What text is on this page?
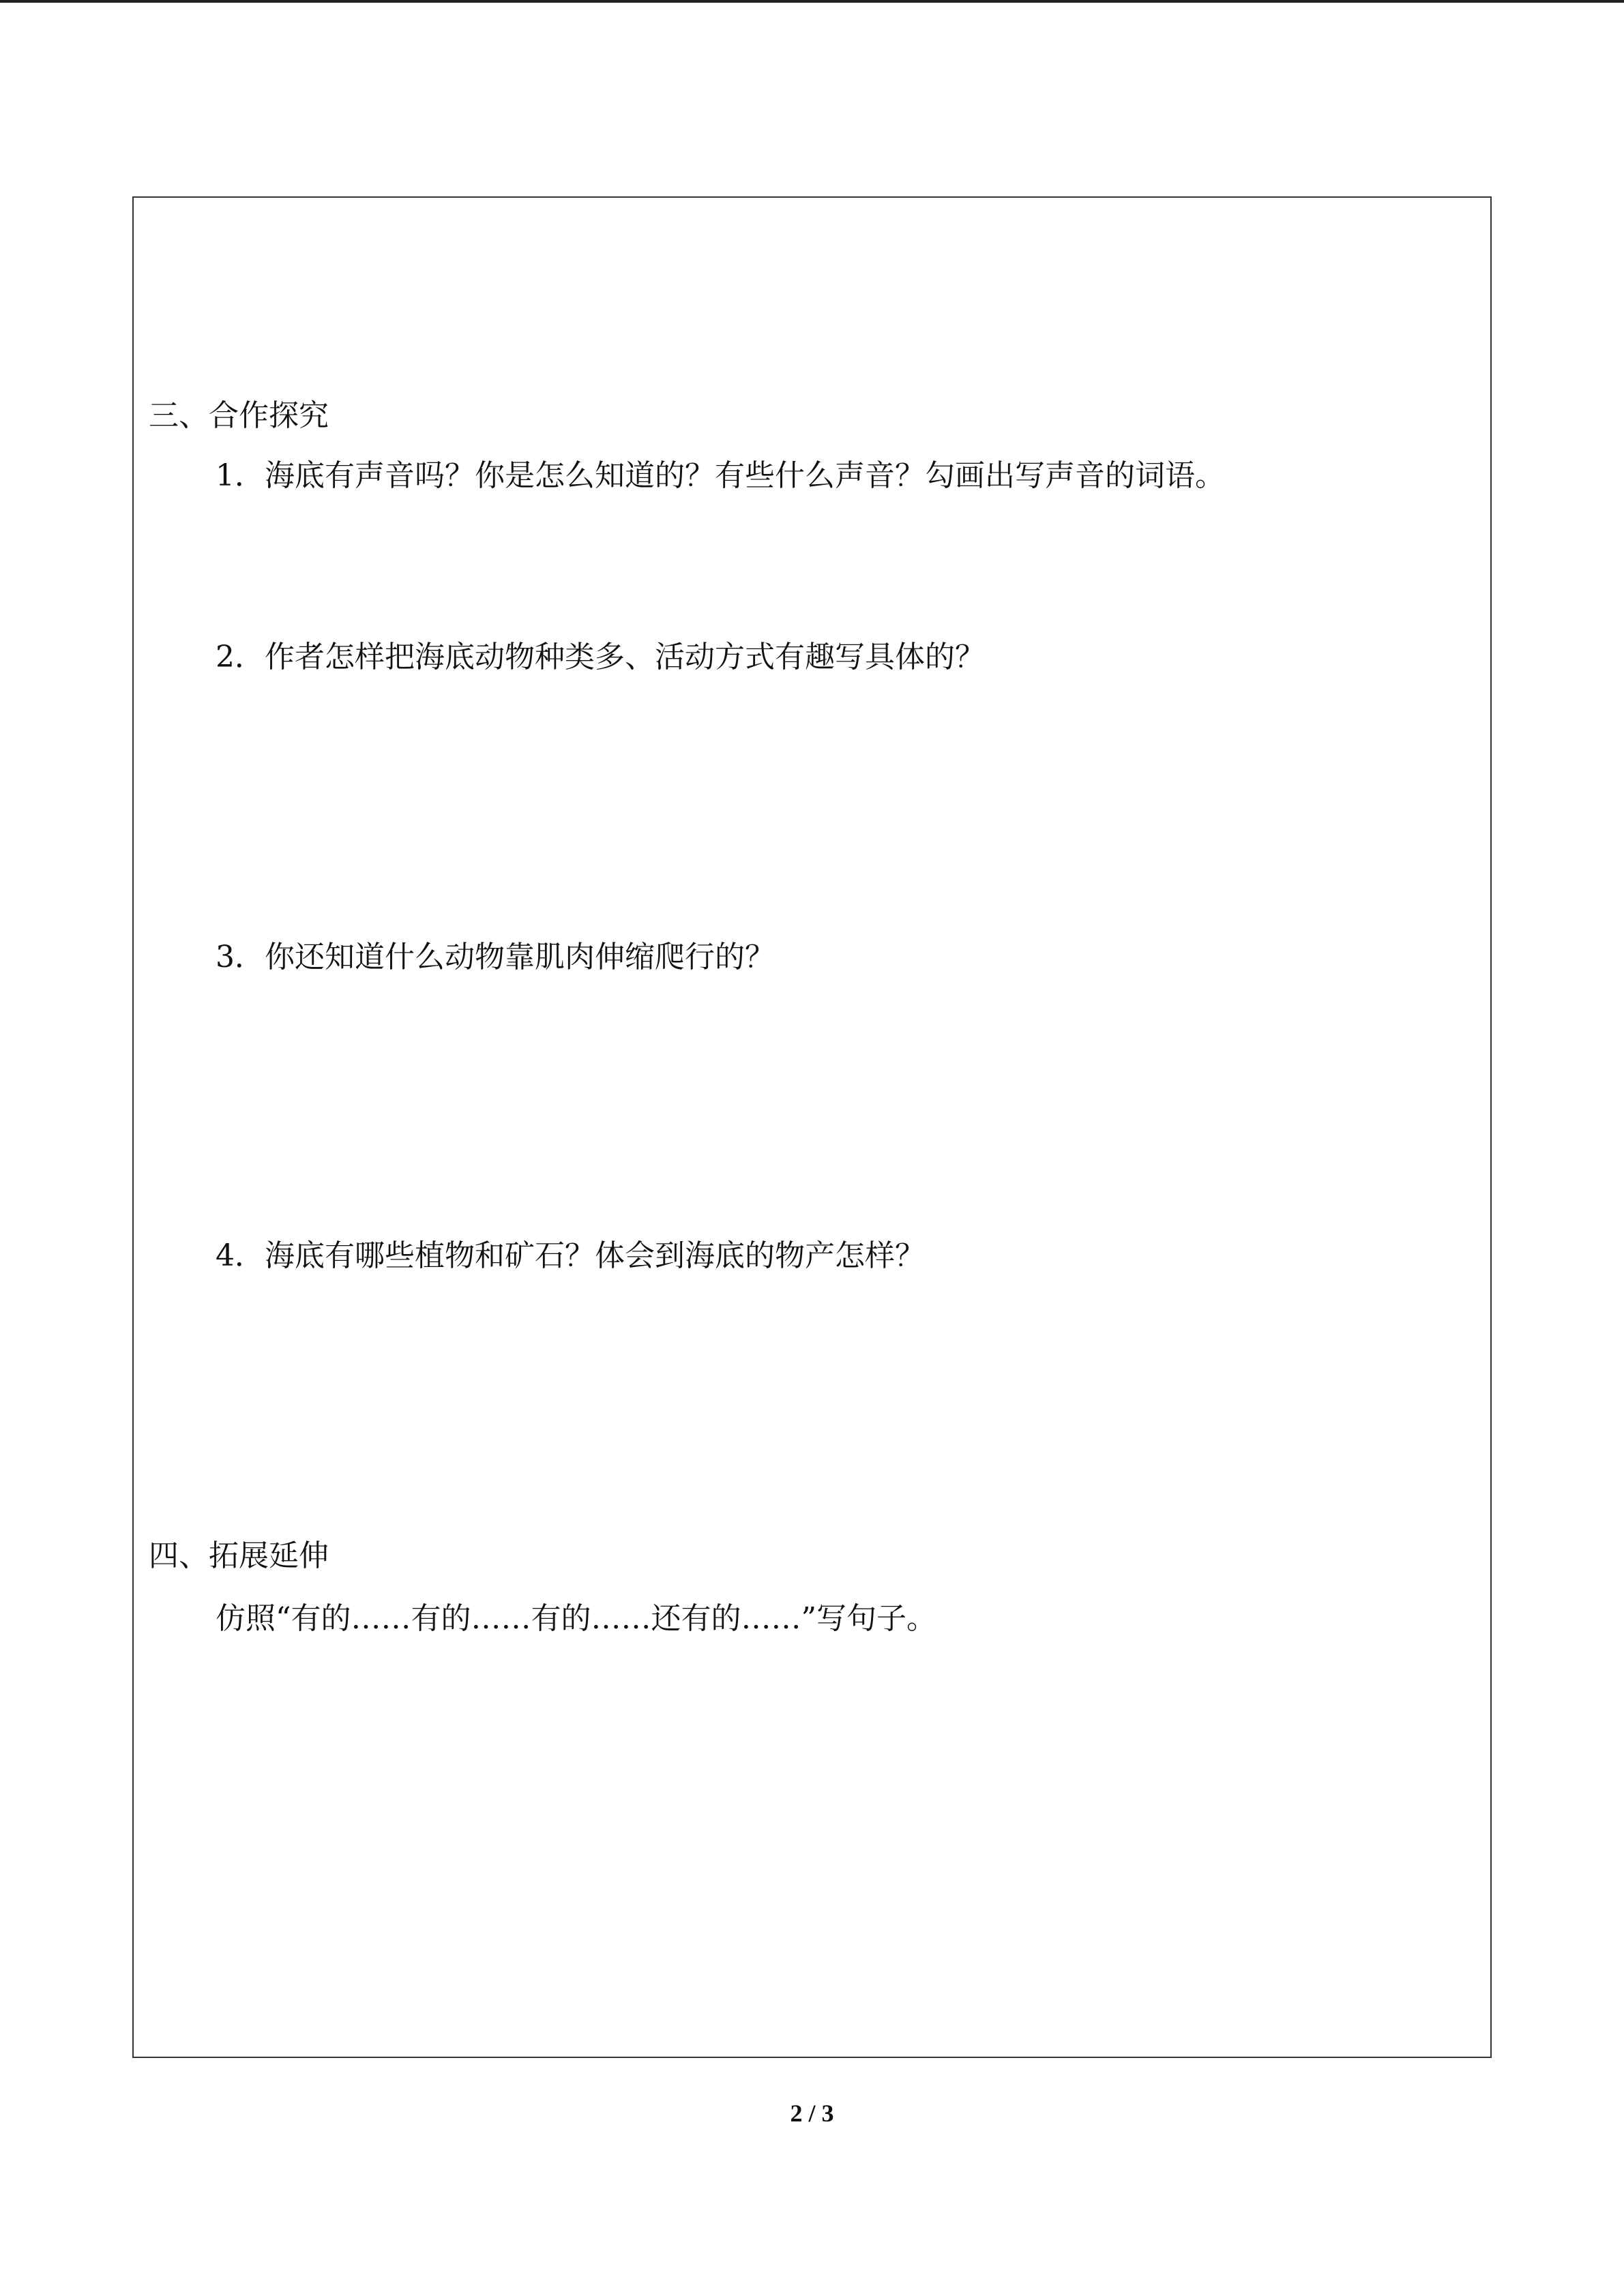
三、合作探究
1．海底有声音吗？你是怎么知道的？有些什么声音？勾画出写声音的词语。
2．作者怎样把海底动物种类多、活动方式有趣写具体的？
3．你还知道什么动物靠肌肉伸缩爬行的？
4．海底有哪些植物和矿石？体会到海底的物产怎样？
四、拓展延伸
仿照“有的……有的……有的……还有的……”写句子。
2 / 3
